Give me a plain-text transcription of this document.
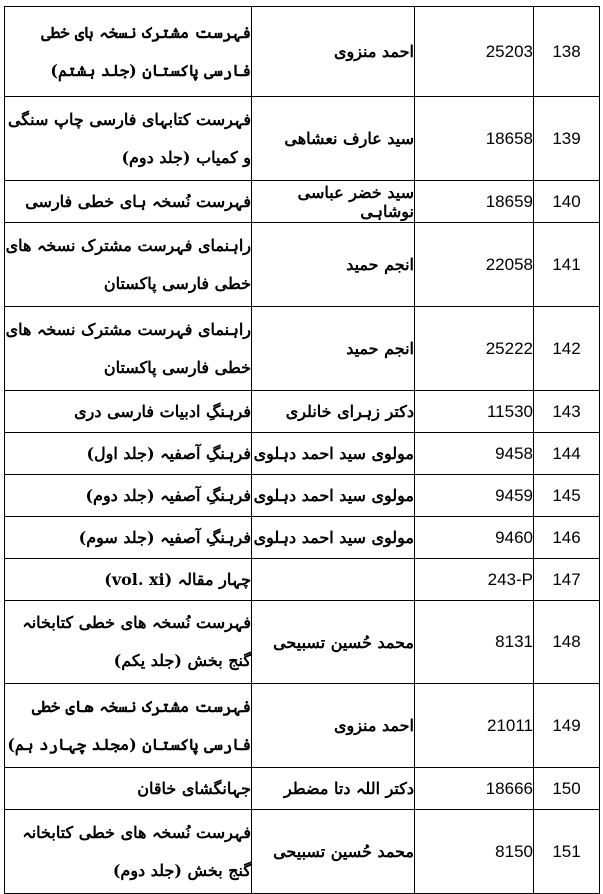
فہرست مشترک نسخہ ہای خطی فارسی پاکستان (جلد ہشتم)	احمد منزوی	25203	138
فہرست کتابہای فارسی چاپ سنگی و کمیاب (جلد دوم)	سید عارف نعشاھی	18658	139
فہرست نُسخہ ہای خطی فارسی	سید خضر عباسی نوشاہی	18659	140
راہنمای فہرست مشترک نسخہ ھای خطی فارسی پاکستان	انجم حمید	22058	141
راہنمای فہرست مشترک نسخہ ھای خطی فارسی پاکستان	انجم حمید	25222	142
فرہنگِ ادبیات فارسی دری	دکتر زہرای خانلری	11530	143
فرہنگِ آصفیہ (جلد اول)	مولوی سید احمد دہلوی	9458	144
فرہنگِ آصفیہ (جلد دوم)	مولوی سید احمد دہلوی	9459	145
فرہنگِ آصفیہ (جلد سوم)	مولوی سید احمد دہلوی	9460	146
چہار مقالہ (vol. xi)		243-P	147
فہرست نُسخہ ھای خطی کتابخانہ گنج بخش (جلد یکم)	محمد حُسین تسبیحی	8131	148
فہرست مشترک نسخہ ھای خطی فارسی پاکستان (مجلد چہارد ہم)	احمد منزوی	21011	149
جہانگشای خاقان	دکتر اللہ دتا مضطر	18666	150
فہرست نُسخہ ھای خطی کتابخانہ گنج بخش (جلد دوم)	محمد حُسین تسبیحی	8150	151
